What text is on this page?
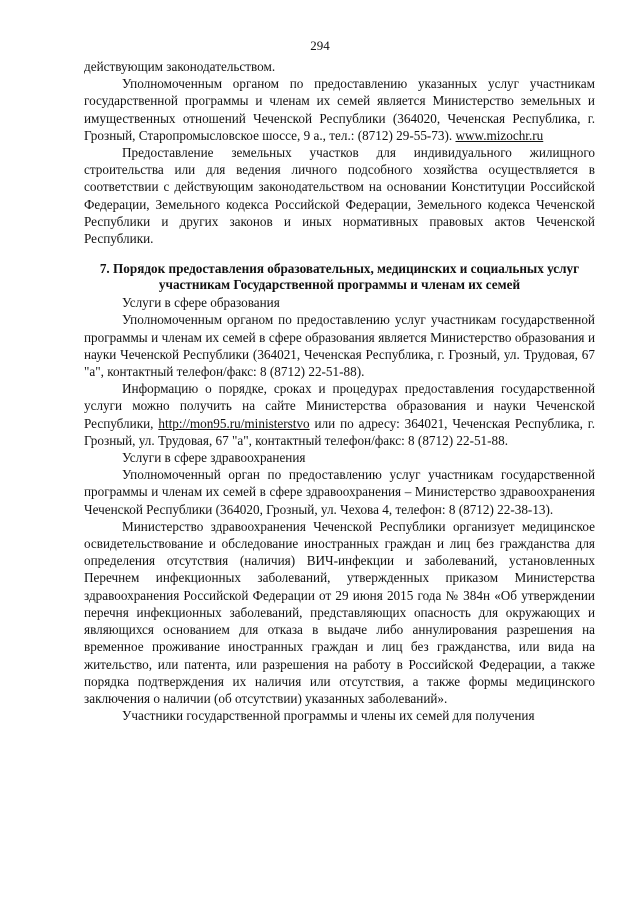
294

действующим законодательством.

Уполномоченным органом по предоставлению указанных услуг участникам государственной программы и членам их семей является Министерство земельных и имущественных отношений Чеченской Республики (364020, Чеченская Республика, г. Грозный, Старопромысловское шоссе, 9 а., тел.: (8712) 29-55-73). www.mizochr.ru

Предоставление земельных участков для индивидуального жилищного строительства или для ведения личного подсобного хозяйства осуществляется в соответствии с действующим законодательством на основании Конституции Российской Федерации, Земельного кодекса Российской Федерации, Земельного кодекса Чеченской Республики и других законов и иных нормативных правовых актов Чеченской Республики.

7. Порядок предоставления образовательных, медицинских и социальных услуг участникам Государственной программы и членам их семей

Услуги в сфере образования

Уполномоченным органом по предоставлению услуг участникам государственной программы и членам их семей в сфере образования является Министерство образования и науки Чеченской Республики (364021, Чеченская Республика, г. Грозный, ул. Трудовая, 67 "а", контактный телефон/факс: 8 (8712) 22-51-88).

Информацию о порядке, сроках и процедурах предоставления государственной услуги можно получить на сайте Министерства образования и науки Чеченской Республики, http://mon95.ru/ministerstvo или по адресу: 364021, Чеченская Республика, г. Грозный, ул. Трудовая, 67 "а", контактный телефон/факс: 8 (8712) 22-51-88.

Услуги в сфере здравоохранения

Уполномоченный орган по предоставлению услуг участникам государственной программы и членам их семей в сфере здравоохранения – Министерство здравоохранения Чеченской Республики (364020, Грозный, ул. Чехова 4, телефон: 8 (8712) 22-38-13).

Министерство здравоохранения Чеченской Республики организует медицинское освидетельствование и обследование иностранных граждан и лиц без гражданства для определения отсутствия (наличия) ВИЧ-инфекции и заболеваний, установленных Перечнем инфекционных заболеваний, утвержденных приказом Министерства здравоохранения Российской Федерации от 29 июня 2015 года № 384н «Об утверждении перечня инфекционных заболеваний, представляющих опасность для окружающих и являющихся основанием для отказа в выдаче либо аннулирования разрешения на временное проживание иностранных граждан и лиц без гражданства, или вида на жительство, или патента, или разрешения на работу в Российской Федерации, а также порядка подтверждения их наличия или отсутствия, а также формы медицинского заключения о наличии (об отсутствии) указанных заболеваний».

Участники государственной программы и члены их семей для получения
